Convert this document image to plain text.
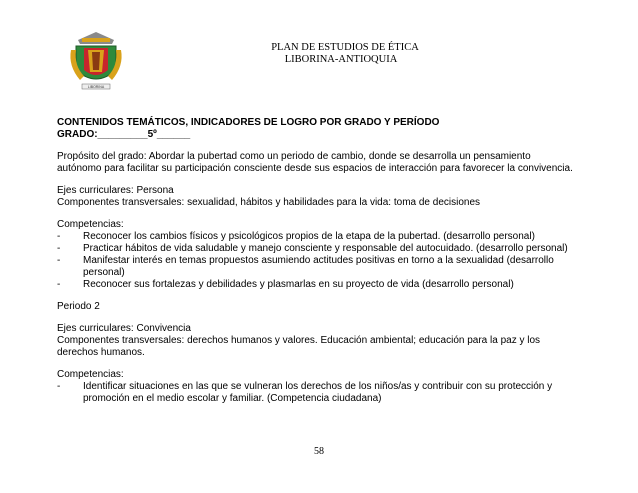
LIBORINA
PLAN DE ESTUDIOS DE ÉTICA
LIBORINA-ANTIOQUIA

CONTENIDOS TEMÁTICOS, INDICADORES DE LOGRO POR GRADO Y PERÍODO

GRADO:_________5º______

Propósito del grado: Abordar la pubertad como un periodo de cambio, donde se desarrolla un pensamiento autónomo para facilitar su participación consciente desde sus espacios de interacción para favorecer la convivencia.

Ejes curriculares: Persona

Componentes transversales: sexualidad, hábitos y habilidades para la vida: toma de decisiones

Competencias:

-	Reconocer los cambios físicos y psicológicos propios de la etapa de la pubertad. (desarrollo personal)
-	Practicar hábitos de vida saludable y manejo consciente y responsable del autocuidado. (desarrollo personal)
-	Manifestar interés en temas propuestos asumiendo actitudes positivas en torno a la sexualidad (desarrollo personal)
-	Reconocer sus fortalezas y debilidades y plasmarlas en su proyecto de vida (desarrollo personal)

Periodo 2

Ejes curriculares: Convivencia

Componentes transversales: derechos humanos y valores. Educación ambiental; educación para la paz y los derechos humanos.

Competencias:

-	Identificar situaciones en las que se vulneran los derechos de los niños/as y contribuir con su protección y promoción en el medio escolar y familiar. (Competencia ciudadana)
58
